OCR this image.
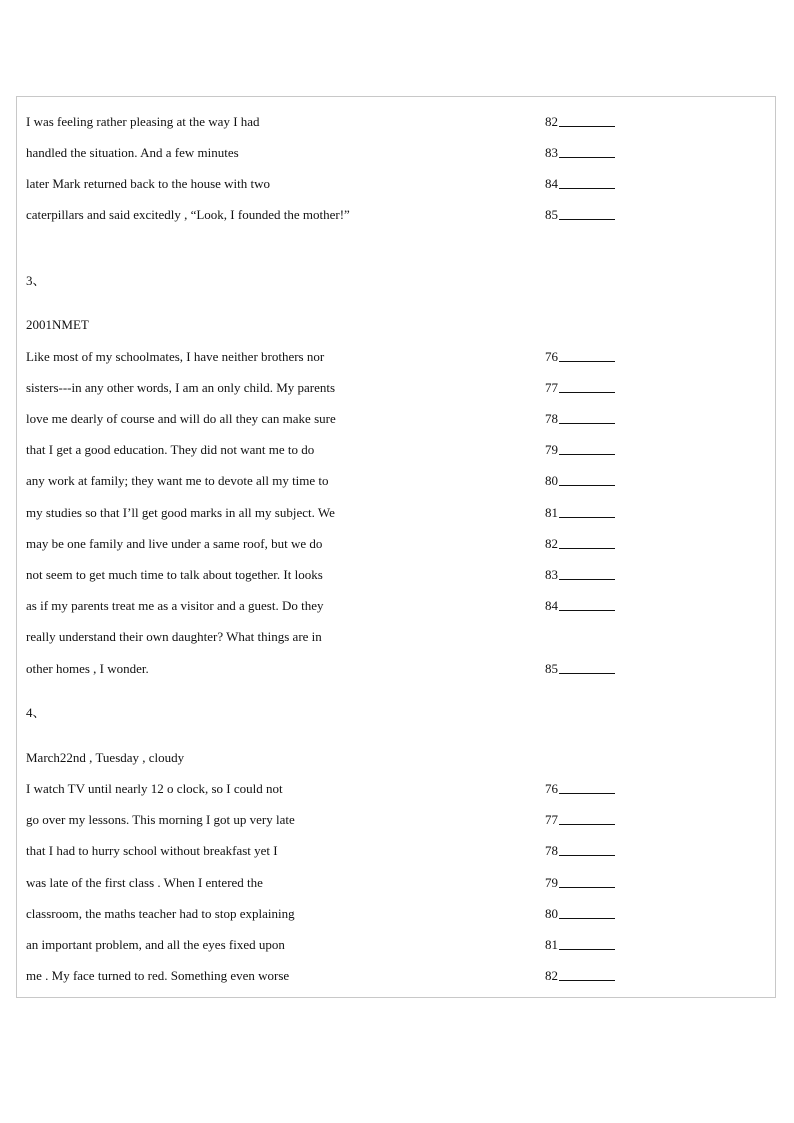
I was feeling rather pleasing at the way I had	82
handled the situation. And a few minutes	83
later Mark returned back to the house with two	84
caterpillars and said excitedly , “Look, I founded the mother!”	85
3、
2001NMET
Like most of my schoolmates, I have neither brothers nor	76
sisters---in any other words, I am an only child. My parents	77
love me dearly of course and will do all they can make sure	78
that I get a good education. They did not want me to do	79
any work at family; they want me to devote all my time to	80
my studies so that I’ll get good marks in all my subject. We	81
may be one family and live under a same roof, but we do	82
not seem to get much time to talk about together. It looks	83
as if my parents treat me as a visitor and a guest. Do they	84
really understand their own daughter? What things are in
other homes , I wonder.	85
4、
March22nd , Tuesday , cloudy
I watch TV until nearly 12 o clock, so I could not	76
go over my lessons. This morning I got up very late	77
that I had to hurry school without breakfast yet I	78
was late of the first class . When I entered the	79
classroom, the maths teacher had to stop explaining	80
an important problem, and all the eyes fixed upon	81
me . My face turned to red. Something even worse	82
